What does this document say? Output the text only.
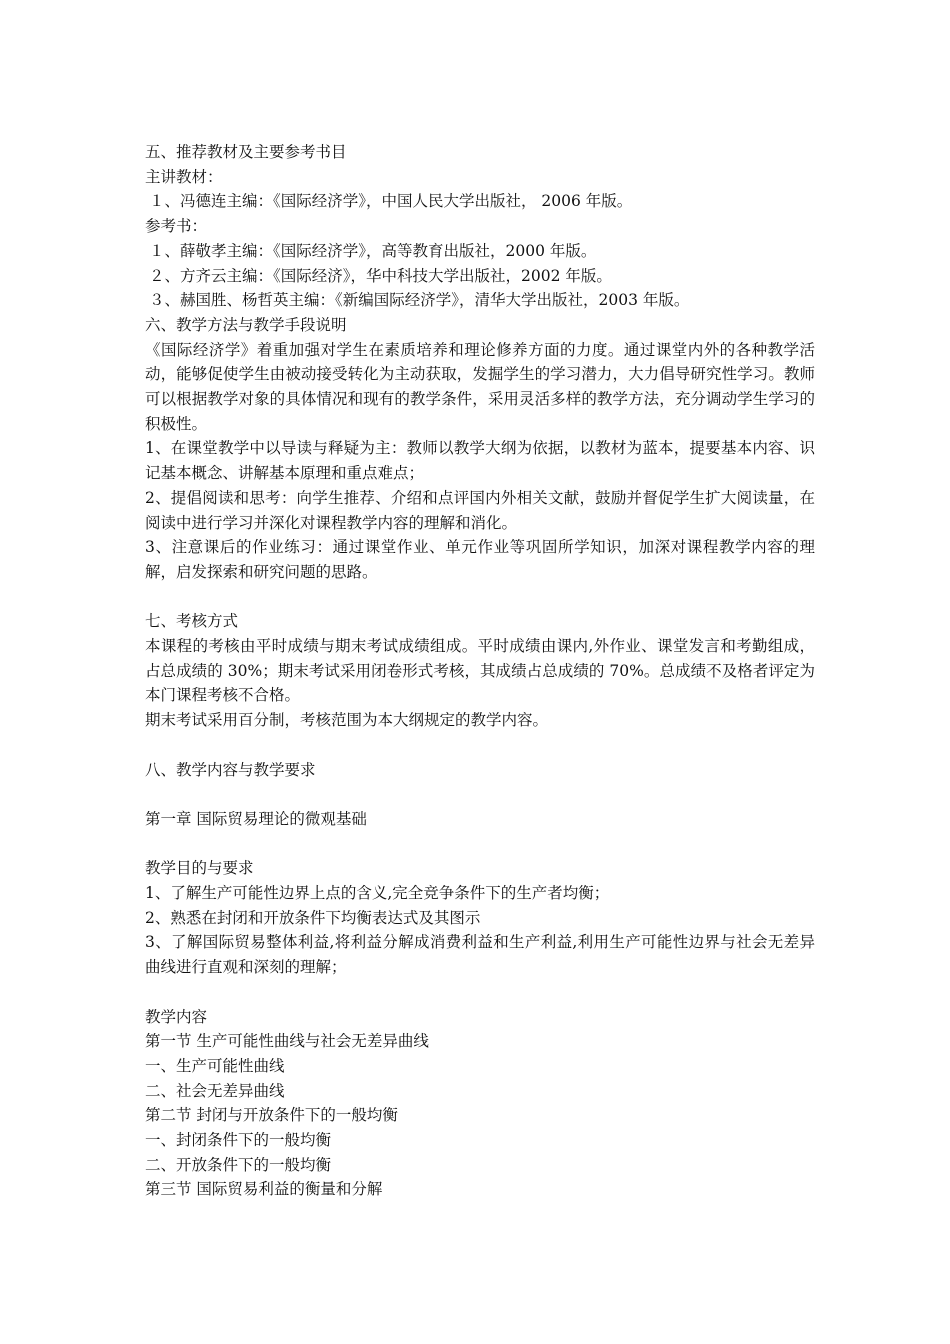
五、推荐教材及主要参考书目
主讲教材：
１、冯德连主编：《国际经济学》，中国人民大学出版社， 2006 年版。
参考书：
１、薛敬孝主编：《国际经济学》，高等教育出版社，2000 年版。
２、方齐云主编：《国际经济》，华中科技大学出版社，2002 年版。
３、赫国胜、杨哲英主编：《新编国际经济学》，清华大学出版社，2003 年版。
六、教学方法与教学手段说明
《国际经济学》着重加强对学生在素质培养和理论修养方面的力度。通过课堂内外的各种教学活动，能够促使学生由被动接受转化为主动获取，发掘学生的学习潜力，大力倡导研究性学习。教师可以根据教学对象的具体情况和现有的教学条件，采用灵活多样的教学方法，充分调动学生学习的积极性。
1、在课堂教学中以导读与释疑为主：教师以教学大纲为依据，以教材为蓝本，提要基本内容、识记基本概念、讲解基本原理和重点难点；
2、提倡阅读和思考：向学生推荐、介绍和点评国内外相关文献，鼓励并督促学生扩大阅读量，在阅读中进行学习并深化对课程教学内容的理解和消化。
3、注意课后的作业练习：通过课堂作业、单元作业等巩固所学知识，加深对课程教学内容的理解，启发探索和研究问题的思路。
七、考核方式
本课程的考核由平时成绩与期末考试成绩组成。平时成绩由课内,外作业、课堂发言和考勤组成，占总成绩的 30%；期末考试采用闭卷形式考核，其成绩占总成绩的 70%。总成绩不及格者评定为本门课程考核不合格。
期末考试采用百分制，考核范围为本大纲规定的教学内容。
八、教学内容与教学要求
第一章 国际贸易理论的微观基础
教学目的与要求
1、了解生产可能性边界上点的含义,完全竞争条件下的生产者均衡；
2、熟悉在封闭和开放条件下均衡表达式及其图示
3、了解国际贸易整体利益,将利益分解成消费利益和生产利益,利用生产可能性边界与社会无差异曲线进行直观和深刻的理解；
教学内容
第一节 生产可能性曲线与社会无差异曲线
一、生产可能性曲线
二、社会无差异曲线
第二节 封闭与开放条件下的一般均衡
一、封闭条件下的一般均衡
二、开放条件下的一般均衡
第三节 国际贸易利益的衡量和分解
